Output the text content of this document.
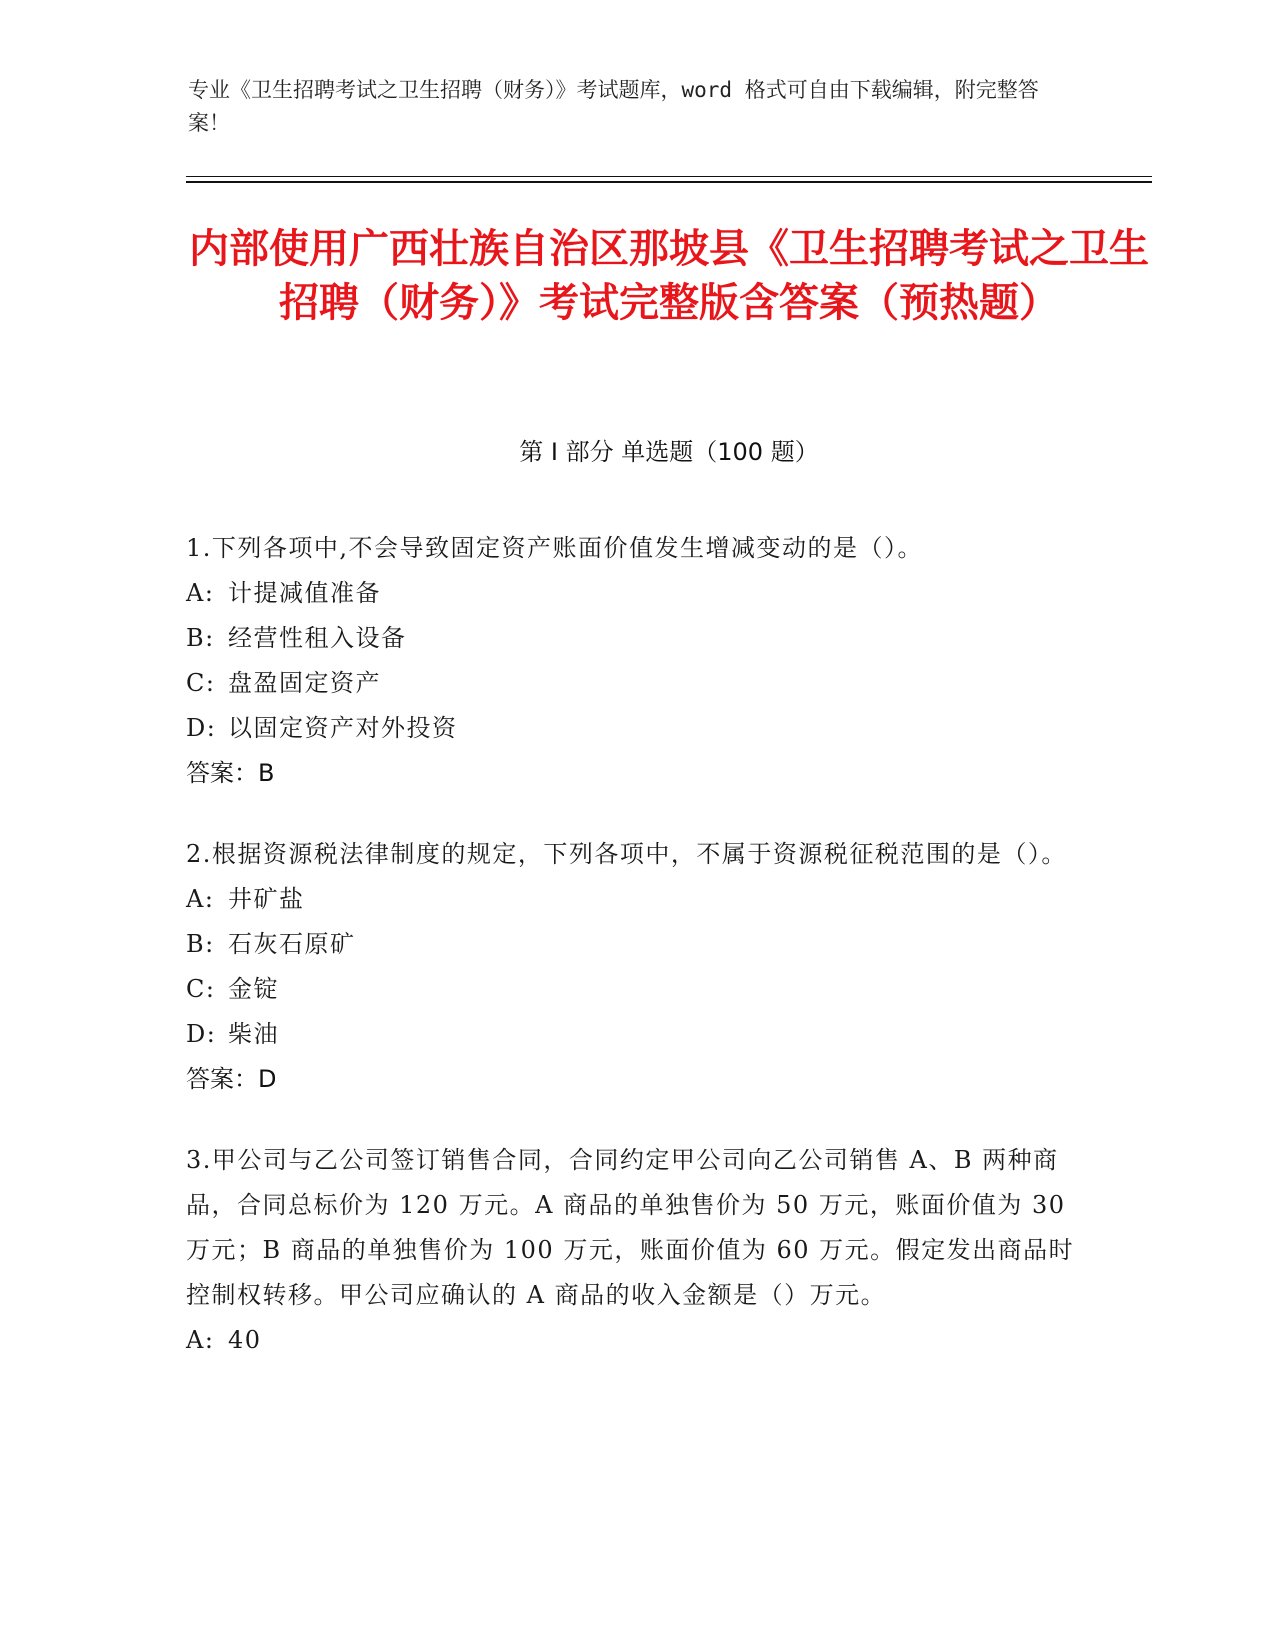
专业《卫生招聘考试之卫生招聘（财务）》考试题库，word 格式可自由下载编辑，附完整答案！
内部使用广西壮族自治区那坡县《卫生招聘考试之卫生招聘（财务）》考试完整版含答案（预热题）
第 I 部分 单选题（100 题）
1.下列各项中,不会导致固定资产账面价值发生增减变动的是（）。
A: 计提减值准备
B: 经营性租入设备
C: 盘盈固定资产
D: 以固定资产对外投资
答案：B
2.根据资源税法律制度的规定，下列各项中，不属于资源税征税范围的是（）。
A: 井矿盐
B: 石灰石原矿
C: 金锭
D: 柴油
答案：D
3.甲公司与乙公司签订销售合同，合同约定甲公司向乙公司销售 A、B 两种商品，合同总标价为 120 万元。A 商品的单独售价为 50 万元，账面价值为 30 万元；B 商品的单独售价为 100 万元，账面价值为 60 万元。假定发出商品时控制权转移。甲公司应确认的 A 商品的收入金额是（）万元。
A: 40
